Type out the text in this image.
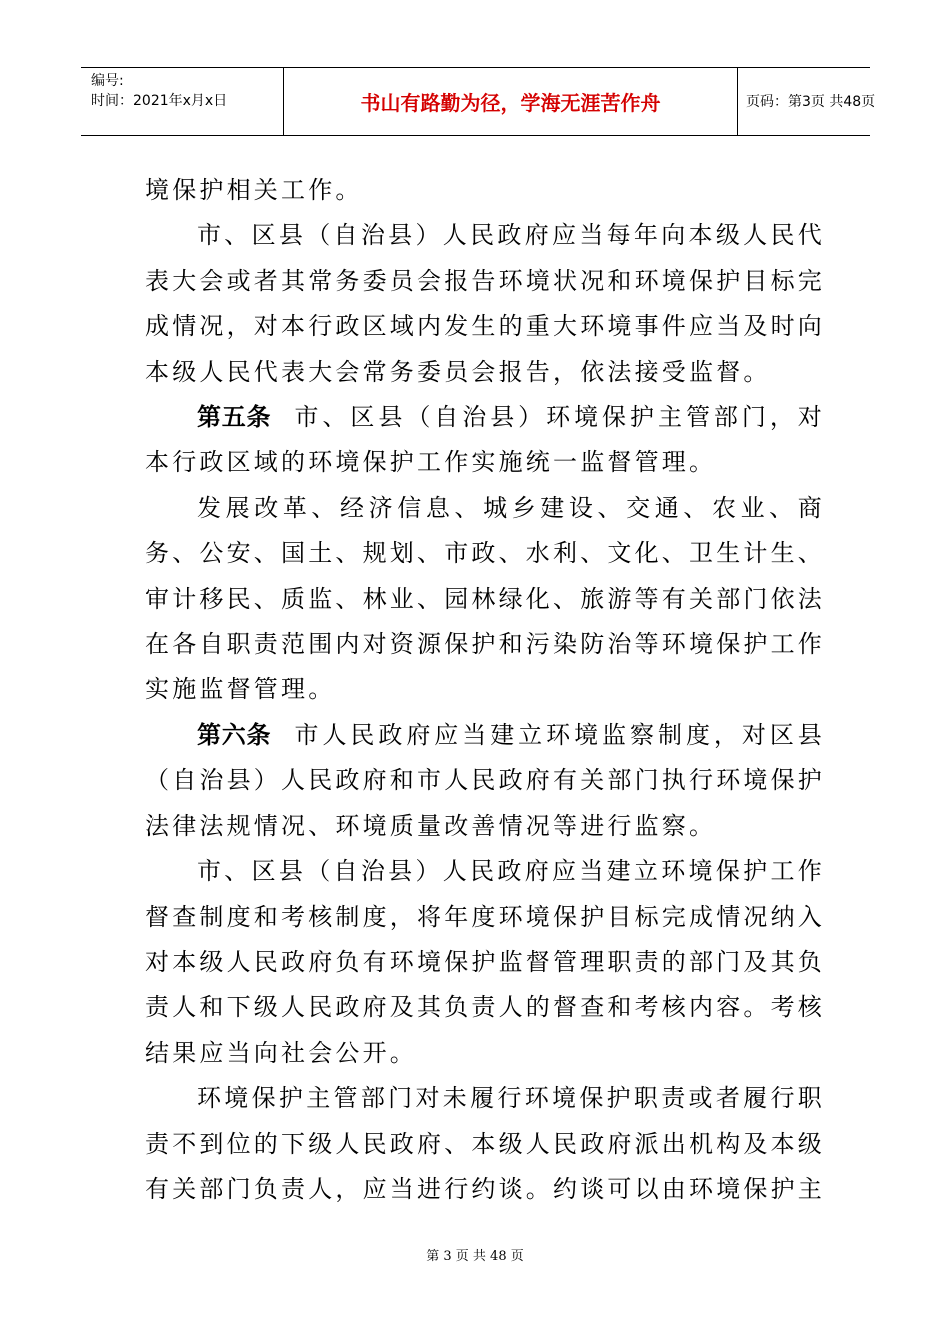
编号:
时间：2021年x月x日	书山有路勤为径，学海无涯苦作舟	页码：第3页 共48页

境保护相关工作。

市、区县（自治县）人民政府应当每年向本级人民代表大会或者其常务委员会报告环境状况和环境保护目标完成情况，对本行政区域内发生的重大环境事件应当及时向本级人民代表大会常务委员会报告，依法接受监督。

第五条 市、区县（自治县）环境保护主管部门，对本行政区域的环境保护工作实施统一监督管理。

发展改革、经济信息、城乡建设、交通、农业、商务、公安、国土、规划、市政、水利、文化、卫生计生、审计移民、质监、林业、园林绿化、旅游等有关部门依法在各自职责范围内对资源保护和污染防治等环境保护工作实施监督管理。

第六条 市人民政府应当建立环境监察制度，对区县（自治县）人民政府和市人民政府有关部门执行环境保护法律法规情况、环境质量改善情况等进行监察。

市、区县（自治县）人民政府应当建立环境保护工作督查制度和考核制度，将年度环境保护目标完成情况纳入对本级人民政府负有环境保护监督管理职责的部门及其负责人和下级人民政府及其负责人的督查和考核内容。考核结果应当向社会公开。

环境保护主管部门对未履行环境保护职责或者履行职责不到位的下级人民政府、本级人民政府派出机构及本级有关部门负责人，应当进行约谈。约谈可以由环境保护主

第 3 页 共 48 页
